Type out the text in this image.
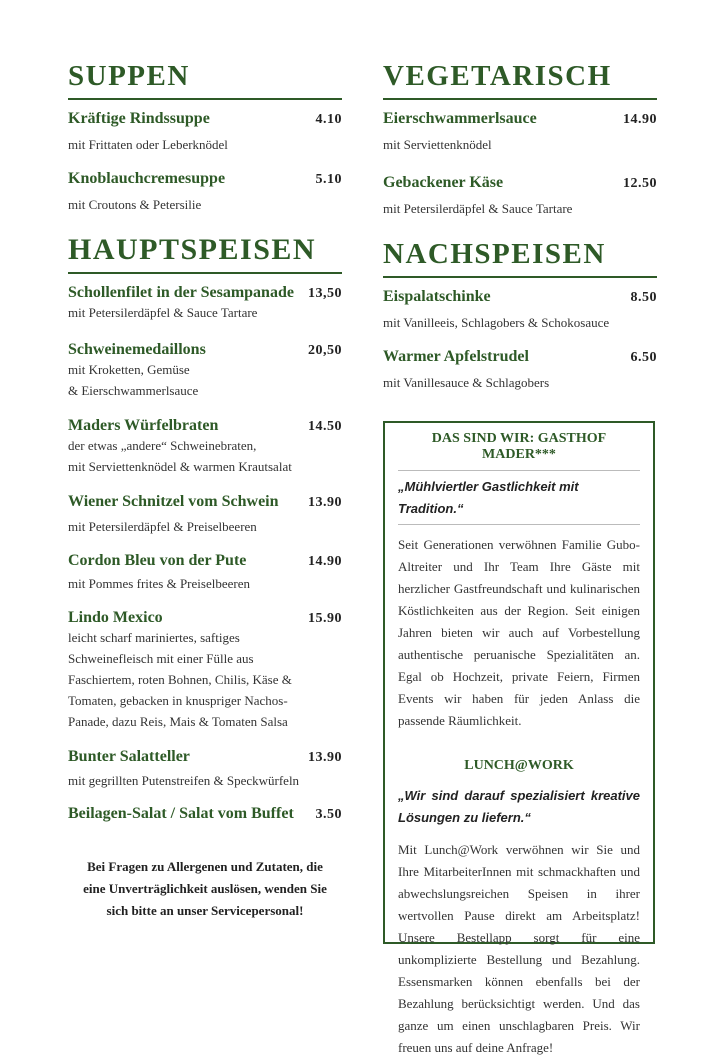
SUPPEN
Kräftige Rindssuppe	4.10
mit Frittaten oder Leberknödel
Knoblauchcremesuppe	5.10
mit Croutons & Petersilie
HAUPTSPEISEN
Schollenfilet in der Sesampanade 13,50
mit Petersilerdäpfel & Sauce Tartare
Schweinemedaillons	20,50
mit Kroketten, Gemüse
& Eierschwammerlsauce
Maders Würfelbraten	14.50
der etwas „andere“ Schweinebraten,
mit Serviettenknödel & warmen Krautsalat
Wiener Schnitzel vom Schwein 13.90
mit Petersilerdäpfel & Preiselbeeren
Cordon Bleu von der Pute	14.90
mit Pommes frites & Preiselbeeren
Lindo Mexico	15.90
leicht scharf mariniertes, saftiges
Schweinefleisch mit einer Fülle aus
Faschiertem, roten Bohnen, Chilis, Käse &
Tomaten, gebacken in knuspriger Nachos-
Panade, dazu Reis, Mais & Tomaten Salsa
Bunter Salatteller	13.90
mit gegrillten Putenstreifen & Speckwürfeln
Beilagen-Salat / Salat vom Buffet 3.50
Bei Fragen zu Allergenen und Zutaten, die
eine Unverträglichkeit auslösen, wenden Sie
sich bitte an unser Servicepersonal!
VEGETARISCH
Eierschwammerlsauce	14.90
mit Serviettenknödel
Gebackener Käse	12.50
mit Petersilerdäpfel & Sauce Tartare
NACHSPEISEN
Eispalatschinke	8.50
mit Vanilleeis, Schlagobers & Schokosauce
Warmer Apfelstrudel	6.50
mit Vanillesauce & Schlagobers
DAS SIND WIR: GASTHOF MADER***
„Mühlviertler Gastlichkeit mit Tradition.“
Seit Generationen verwöhnen Familie Gubo-Altreiter und Ihr Team Ihre Gäste mit herzlicher Gastfreundschaft und kulinarischen Köstlichkeiten aus der Region. Seit einigen Jahren bieten wir auch auf Vorbestellung authentische peruanische Spezialitäten an. Egal ob Hochzeit, private Feiern, Firmen Events wir haben für jeden Anlass die passende Räumlichkeit.
LUNCH@WORK
„Wir sind darauf spezialisiert kreative Lösungen zu liefern.“
Mit Lunch@Work verwöhnen wir Sie und Ihre MitarbeiterInnen mit schmackhaften und abwechslungsreichen Speisen in ihrer wertvollen Pause direkt am Arbeitsplatz! Unsere Bestellapp sorgt für eine unkomplizierte Bestellung und Bezahlung. Essensmarken können ebenfalls bei der Bezahlung berücksichtigt werden. Und das ganze um einen unschlagbaren Preis. Wir freuen uns auf deine Anfrage!
